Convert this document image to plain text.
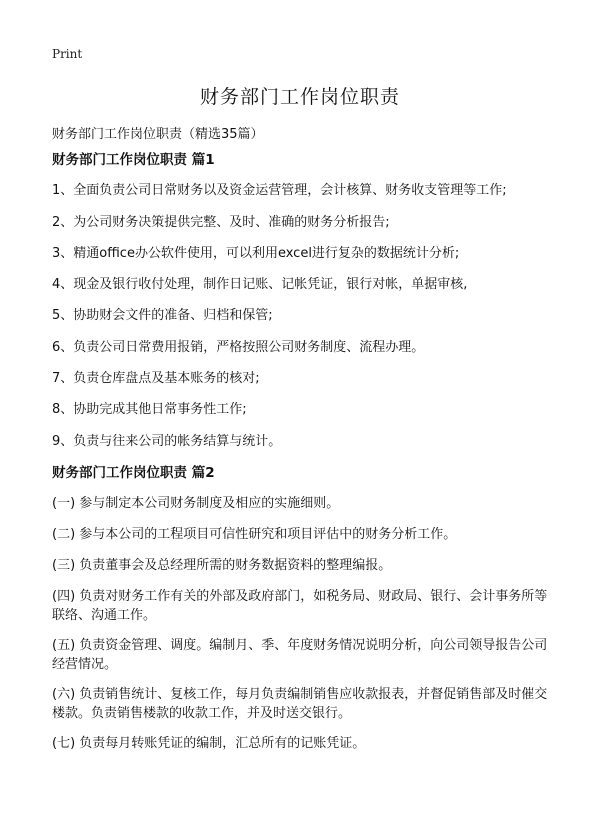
Print
财务部门工作岗位职责
财务部门工作岗位职责（精选35篇）

财务部门工作岗位职责 篇1

1、全面负责公司日常财务以及资金运营管理，会计核算、财务收支管理等工作;
2、为公司财务决策提供完整、及时、准确的财务分析报告;
3、精通office办公软件使用，可以利用excel进行复杂的数据统计分析;
4、现金及银行收付处理，制作日记账、记帐凭证，银行对帐，单据审核,
5、协助财会文件的准备、归档和保管;
6、负责公司日常费用报销，严格按照公司财务制度、流程办理。
7、负责仓库盘点及基本账务的核对;
8、协助完成其他日常事务性工作;
9、负责与往来公司的帐务结算与统计。

财务部门工作岗位职责 篇2

(一) 参与制定本公司财务制度及相应的实施细则。
(二) 参与本公司的工程项目可信性研究和项目评估中的财务分析工作。
(三) 负责董事会及总经理所需的财务数据资料的整理编报。
(四) 负责对财务工作有关的外部及政府部门，如税务局、财政局、银行、会计事务所等联络、沟通工作。
(五) 负责资金管理、调度。编制月、季、年度财务情况说明分析，向公司领导报告公司经营情况。
(六) 负责销售统计、复核工作，每月负责编制销售应收款报表，并督促销售部及时催交楼款。负责销售楼款的收款工作，并及时送交银行。
(七) 负责每月转账凭证的编制，汇总所有的记账凭证。
